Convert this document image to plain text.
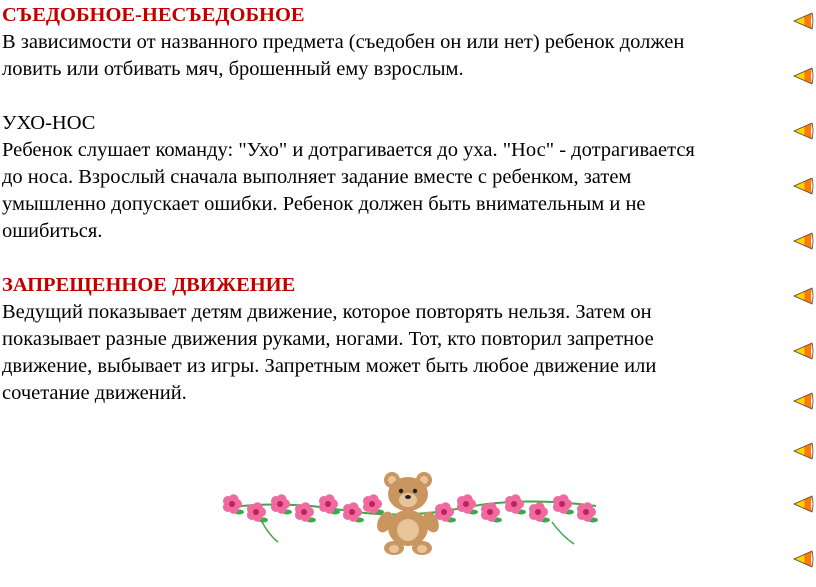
СЪЕДОБНОЕ-НЕСЪЕДОБНОЕ
В зависимости от названного предмета (съедобен он или нет) ребенок должен
ловить или отбивать мяч, брошенный ему взрослым.
УХО-НОС
Ребенок слушает команду: "Ухо" и дотрагивается до уха. "Нос" - дотрагивается
до носа. Взрослый сначала выполняет задание вместе с ребенком, затем
умышленно допускает ошибки. Ребенок должен быть внимательным и не
ошибиться.
ЗАПРЕЩЕННОЕ ДВИЖЕНИЕ
Ведущий показывает детям движение, которое повторять нельзя. Затем он
показывает разные движения руками, ногами. Тот, кто повторил запретное
движение, выбывает из игры. Запретным может быть любое движение или
сочетание движений.
